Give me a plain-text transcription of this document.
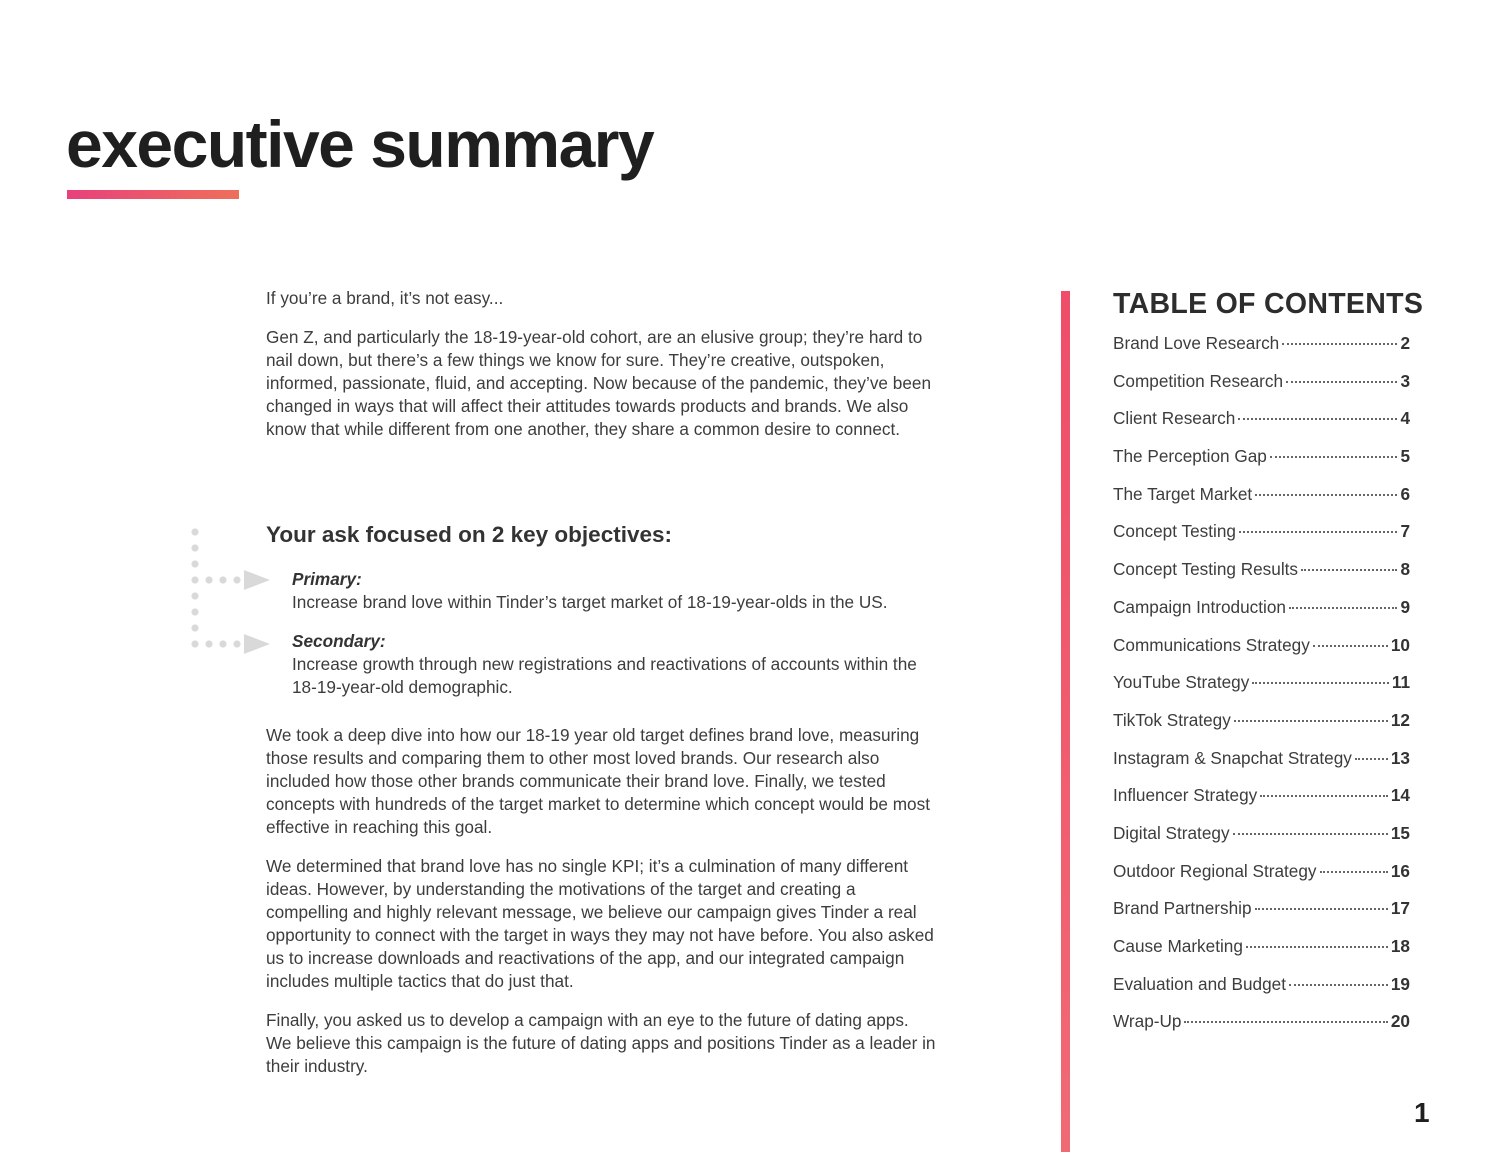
executive summary

If you’re a brand, it’s not easy...

Gen Z, and particularly the 18-19-year-old cohort, are an elusive group; they’re hard to nail down, but there’s a few things we know for sure. They’re creative, outspoken, informed, passionate, fluid, and accepting. Now because of the pandemic, they’ve been changed in ways that will affect their attitudes towards products and brands. We also know that while different from one another, they share a common desire to connect.

Your ask focused on 2 key objectives:
Primary:
Increase brand love within Tinder’s target market of 18-19-year-olds in the US.
Secondary:
Increase growth through new registrations and reactivations of accounts within the 18-19-year-old demographic.

We took a deep dive into how our 18-19 year old target defines brand love, measuring those results and comparing them to other most loved brands. Our research also included how those other brands communicate their brand love. Finally, we tested concepts with hundreds of the target market to determine which concept would be most effective in reaching this goal.

We determined that brand love has no single KPI; it’s a culmination of many different ideas. However, by understanding the motivations of the target and creating a compelling and highly relevant message, we believe our campaign gives Tinder a real opportunity to connect with the target in ways they may not have before. You also asked us to increase downloads and reactivations of the app, and our integrated campaign includes multiple tactics that do just that.

Finally, you asked us to develop a campaign with an eye to the future of dating apps. We believe this campaign is the future of dating apps and positions Tinder as a leader in their industry.

TABLE OF CONTENTS
Brand Love Research	2
Competition Research	3
Client Research	4
The Perception Gap	5
The Target Market	6
Concept Testing	7
Concept Testing Results	8
Campaign Introduction	9
Communications Strategy	10
YouTube Strategy	11
TikTok Strategy	12
Instagram & Snapchat Strategy 13
Influencer Strategy	14
Digital Strategy	15
Outdoor Regional Strategy	16
Brand Partnership	17
Cause Marketing	18
Evaluation and Budget	19
Wrap-Up	20
1
